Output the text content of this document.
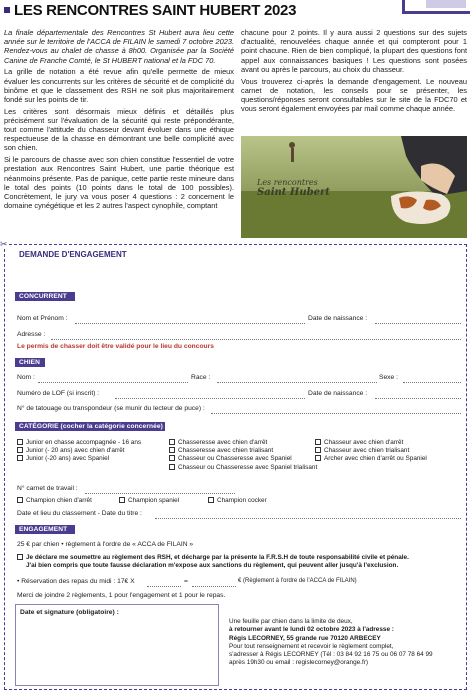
LES RENCONTRES SAINT HUBERT 2023

La finale départementale des Rencontres St Hubert aura lieu cette année sur le territoire de l'ACCA de FILAIN le samedi 7 octobre 2023. Rendez-vous au chalet de chasse à 8h00. Organisée par la Société Canine de Franche Comté, le St HUBERT national et la FDC 70.

La grille de notation a été revue afin qu'elle permette de mieux évaluer les concurrents sur les critères de sécurité et de complicité du binôme et que le classement des RSH ne soit plus majoritairement fondé sur les points de tir.

Les critères sont désormais mieux définis et détaillés plus précisément sur l'évaluation de la sécurité qui reste prépondérante, tout comme l'attitude du chasseur devant évoluer dans une éthique respectueuse de la chasse en démontrant une belle complicité avec son chien.

Si le parcours de chasse avec son chien constitue l'essentiel de votre prestation aux Rencontres Saint Hubert, une partie théorique est néanmoins présente. Pas de panique, cette partie reste mineure dans le total des points (10 points dans le total de 100 possibles). Concrètement, le jury va vous poser 4 questions : 2 concernent le domaine cynégétique et les 2 autres l'aspect cynophile, comptant

chacune pour 2 points. Il y aura aussi 2 questions sur des sujets d'actualité, renouvelées chaque année et qui compteront pour 1 point chacune. Rien de bien compliqué, la plupart des questions font appel aux connaissances basiques ! Les questions sont posées avant ou après le parcours, au choix du chasseur.

Vous trouverez ci-après la demande d'engagement. Le nouveau carnet de notation, les conseils pour se présenter, les questions/réponses seront consultables sur le site de la FDC70 et vous seront également envoyées par mail comme chaque année.

Les rencontres
Saint Hubert
✂
DEMANDE D'ENGAGEMENT
CONCURRENT
Nom et Prénom :	Date de naissance :
Adresse :
Le permis de chasser doit être validé pour le lieu du concours
CHIEN
Nom :	Race :	Sexe :
Numéro de LOF (si inscrit) :	Date de naissance :
N° de tatouage ou transpondeur (se munir du lecteur de puce) :
CATÉGORIE (cocher la catégorie concernée)
Junior en chasse accompagnée - 16 ans
Junior (- 20 ans) avec chien d'arrêt
Junior (-20 ans) avec Spaniel
Chasseresse avec chien d'arrêt
Chasseresse avec chien trialisant
Chasseur ou Chasseresse avec Spaniel
Chasseur ou Chasseresse avec Spaniel trialisant
Chasseur avec chien d'arrêt
Chasseur avec chien trialisant
Archer avec chien d'arrêt ou Spaniel
N° carnet de travail :
Champion chien d'arrêt	Champion spaniel	Champion cocker
Date et lieu du classement - Date du titre :
ENGAGEMENT
25 € par chien • règlement à l'ordre de « ACCA de FILAIN »
Je déclare me soumettre au règlement des RSH, et décharge par la présente la F.R.S.H de toute responsabilité civile et pénale.
J'ai bien compris que toute fausse déclaration m'expose aux sanctions du règlement, qui peuvent aller jusqu'à l'exclusion.
• Réservation des repas du midi : 17€ X	=	€ (Règlement à l'ordre de l'ACCA de FILAIN)
Merci de joindre 2 règlements, 1 pour l'engagement et 1 pour le repas.
Date et signature (obligatoire) :
Une feuille par chien dans la limite de deux,
à retourner avant le lundi 02 octobre 2023 à l'adresse :
Régis LECORNEY, 55 grande rue 70120 ARBECEY
Pour tout renseignement et recevoir le règlement complet,
s'adresser à Régis LECORNEY (Tél : 03 84 92 16 75 ou 06 07 78 64 99
après 19h30 ou email : regislecorney@orange.fr)
